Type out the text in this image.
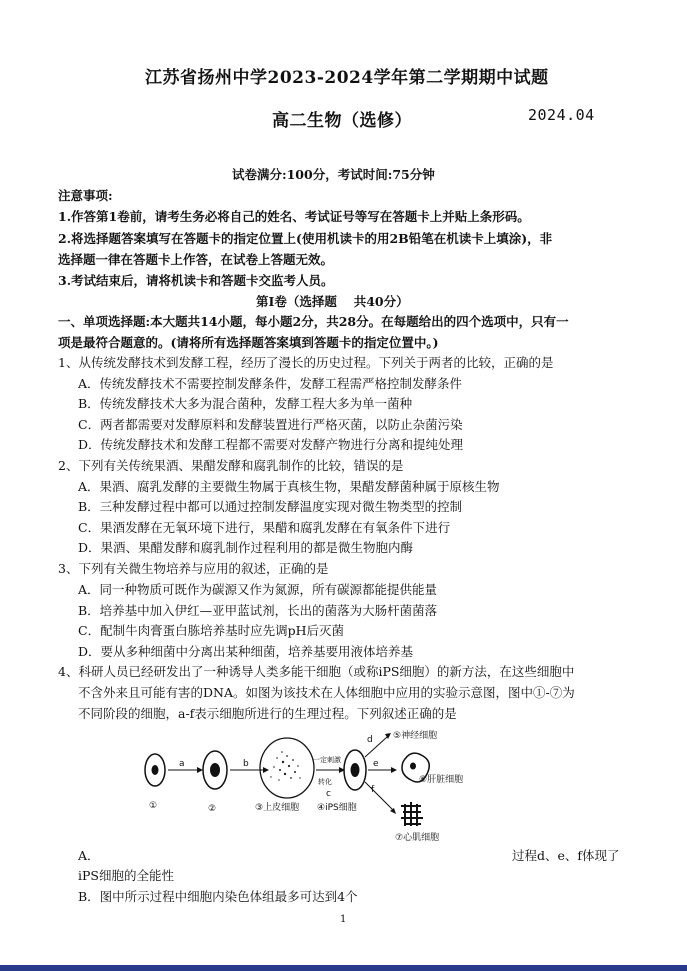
江苏省扬州中学2023-2024学年第二学期期中试题
高二生物（选修）	2024.04
试卷满分:100分，考试时间:75分钟
注意事项:
1.作答第1卷前，请考生务必将自己的姓名、考试证号等写在答题卡上并贴上条形码。
2.将选择题答案填写在答题卡的指定位置上(使用机读卡的用2B铅笔在机读卡上填涂)，非
选择题一律在答题卡上作答，在试卷上答题无效。
3.考试结束后，请将机读卡和答题卡交监考人员。
第Ⅰ卷（选择题　 共40分）
一、单项选择题:本大题共14小题，每小题2分，共28分。在每题给出的四个选项中，只有一
项是最符合题意的。(请将所有选择题答案填到答题卡的指定位置中。)
1、从传统发酵技术到发酵工程，经历了漫长的历史过程。下列关于两者的比较，正确的是
A．传统发酵技术不需要控制发酵条件，发酵工程需严格控制发酵条件
B．传统发酵技术大多为混合菌种，发酵工程大多为单一菌种
C．两者都需要对发酵原料和发酵装置进行严格灭菌，以防止杂菌污染
D．传统发酵技术和发酵工程都不需要对发酵产物进行分离和提纯处理
2、下列有关传统果酒、果醋发酵和腐乳制作的比较，错误的是
A．果酒、腐乳发酵的主要微生物属于真核生物，果醋发酵菌种属于原核生物
B．三种发酵过程中都可以通过控制发酵温度实现对微生物类型的控制
C．果酒发酵在无氧环境下进行，果醋和腐乳发酵在有氧条件下进行
D．果酒、果醋发酵和腐乳制作过程利用的都是微生物胞内酶
3、下列有关微生物培养与应用的叙述，正确的是
A．同一种物质可既作为碳源又作为氮源，所有碳源都能提供能量
B．培养基中加入伊红—亚甲蓝试剂，长出的菌落为大肠杆菌菌落
C．配制牛肉膏蛋白胨培养基时应先调pH后灭菌
D．要从多种细菌中分离出某种细菌，培养基要用液体培养基
4、科研人员已经研发出了一种诱导人类多能干细胞（或称iPS细胞）的新方法，在这些细胞中
不含外来且可能有害的DNA。如图为该技术在人体细胞中应用的实验示意图，图中①-⑦为
不同阶段的细胞，a-f表示细胞所进行的生理过程。下列叙述正确的是
①
a
②
b
③上皮细胞
一定刺激
转化
c
④iPS细胞
d
e
f
⑤神经细胞
⑥肝脏细胞
⑦心肌细胞
A．	过程d、e、f体现了
iPS细胞的全能性
B．图中所示过程中细胞内染色体组最多可达到4个
1
